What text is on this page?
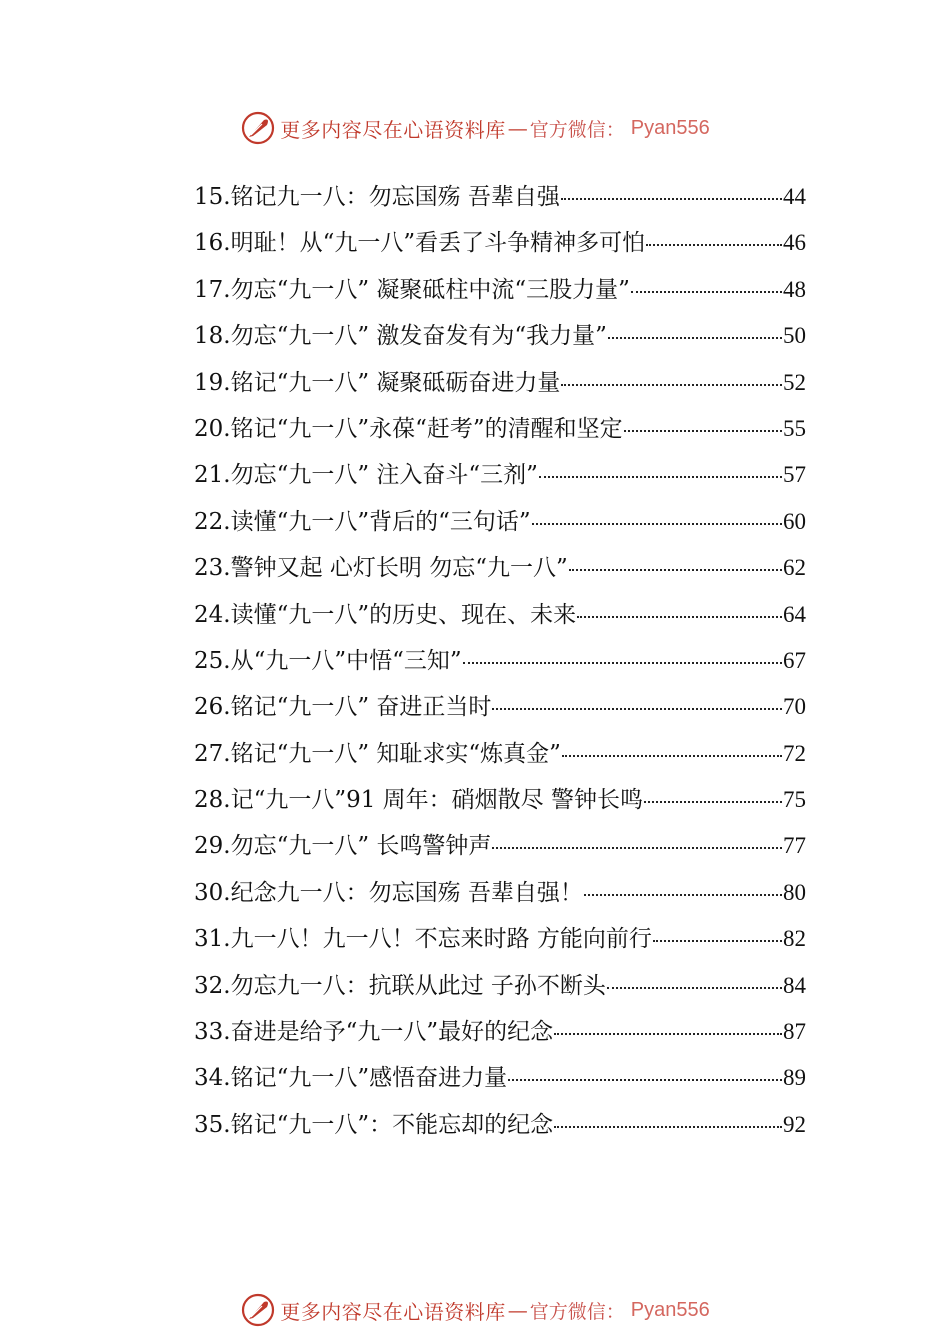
更多内容尽在心语资料库 — 官方微信： Pyan556
15.铭记九一八：勿忘国殇 吾辈自强	44
16.明耻！从“九一八”看丢了斗争精神多可怕	46
17.勿忘“九一八” 凝聚砥柱中流“三股力量”	48
18.勿忘“九一八” 激发奋发有为“我力量”	50
19.铭记“九一八” 凝聚砥砺奋进力量	52
20.铭记“九一八”永葆“赶考”的清醒和坚定	55
21.勿忘“九一八” 注入奋斗“三剂”	57
22.读懂“九一八”背后的“三句话”	60
23.警钟又起 心灯长明 勿忘“九一八”	62
24.读懂“九一八”的历史、现在、未来	64
25.从“九一八”中悟“三知”	67
26.铭记“九一八” 奋进正当时	70
27.铭记“九一八” 知耻求实“炼真金”	72
28.记“九一八”91 周年：硝烟散尽 警钟长鸣	75
29.勿忘“九一八” 长鸣警钟声	77
30.纪念九一八：勿忘国殇 吾辈自强！	80
31.九一八！九一八！不忘来时路 方能向前行	82
32.勿忘九一八：抗联从此过 子孙不断头	84
33.奋进是给予“九一八”最好的纪念	87
34.铭记“九一八”感悟奋进力量	89
35.铭记“九一八”：不能忘却的纪念	92
更多内容尽在心语资料库 — 官方微信： Pyan556
